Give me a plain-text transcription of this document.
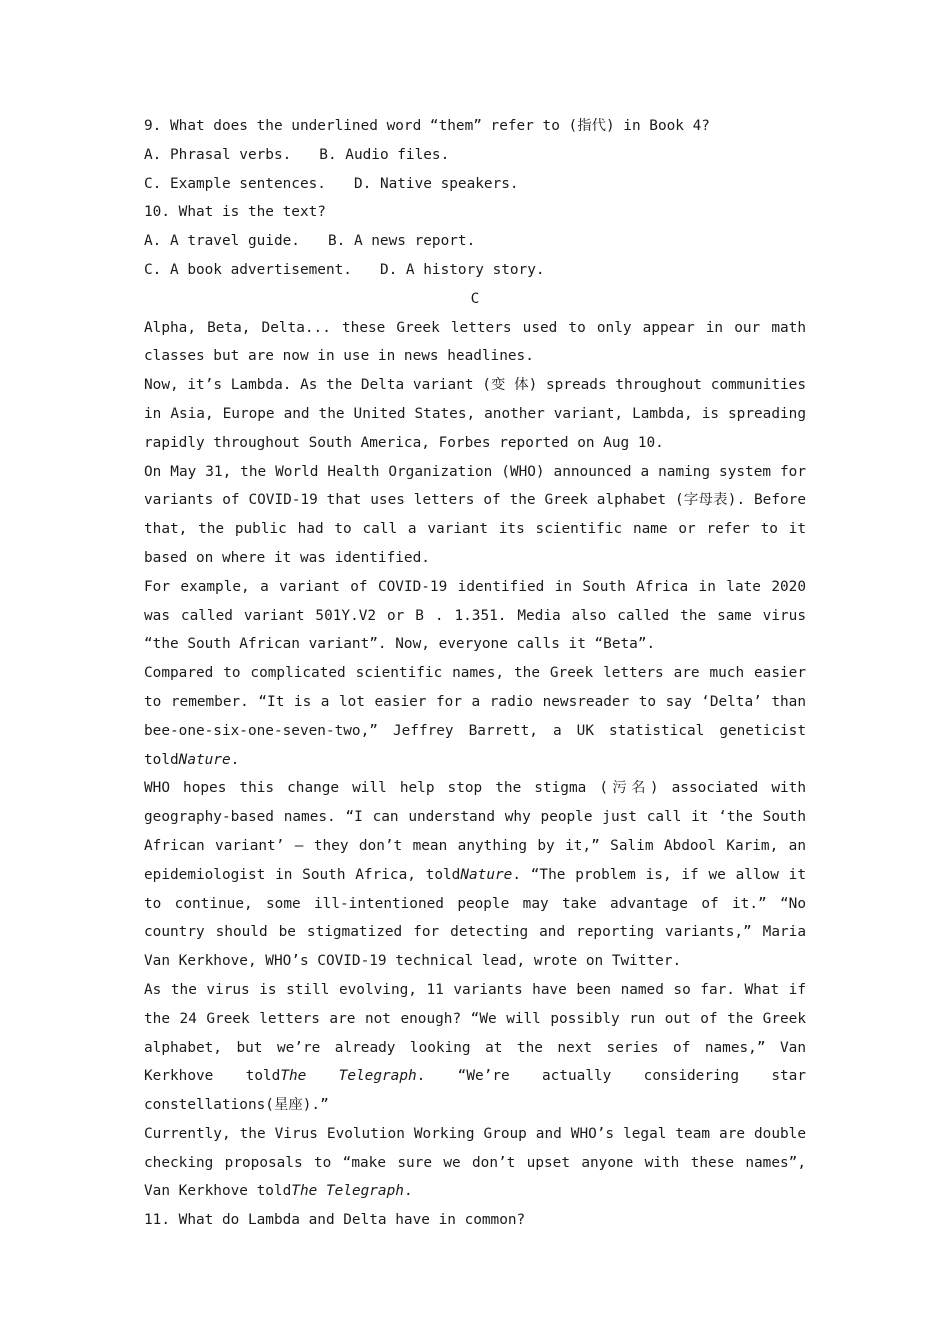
9. What does the underlined word “them” refer to (指代) in Book 4?
A. Phrasal verbs. B. Audio files.
C. Example sentences. D. Native speakers.
10. What is the text?
A. A travel guide. B. A news report.
C. A book advertisement. D. A history story.
C

Alpha, Beta, Delta... these Greek letters used to only appear in our math classes but are now in use in news headlines.

Now, it’s Lambda. As the Delta variant (变 体) spreads throughout communities in Asia, Europe and the United States, another variant, Lambda, is spreading rapidly throughout South America, Forbes reported on Aug 10.

On May 31, the World Health Organization (WHO) announced a naming system for variants of COVID-19 that uses letters of the Greek alphabet (字母表). Before that, the public had to call a variant its scientific name or refer to it based on where it was identified.

For example, a variant of COVID-19 identified in South Africa in late 2020 was called variant 501Y.V2 or B . 1.351. Media also called the same virus “the South African variant”. Now, everyone calls it “Beta”.

Compared to complicated scientific names, the Greek letters are much easier to remember. “It is a lot easier for a radio newsreader to say ‘Delta’ than bee-one-six-one-seven-two,” Jeffrey Barrett, a UK statistical geneticist toldNature.

WHO hopes this change will help stop the stigma (污名) associated with geography-based names. “I can understand why people just call it ‘the South African variant’ — they don’t mean anything by it,” Salim Abdool Karim, an epidemiologist in South Africa, toldNature. “The problem is, if we allow it to continue, some ill-intentioned people may take advantage of it.” “No country should be stigmatized for detecting and reporting variants,” Maria Van Kerkhove, WHO’s COVID-19 technical lead, wrote on Twitter.

As the virus is still evolving, 11 variants have been named so far. What if the 24 Greek letters are not enough? “We will possibly run out of the Greek alphabet, but we’re already looking at the next series of names,” Van Kerkhove toldThe Telegraph. “We’re actually considering star constellations(星座).”

Currently, the Virus Evolution Working Group and WHO’s legal team are double checking proposals to “make sure we don’t upset anyone with these names”, Van Kerkhove toldThe Telegraph.

11. What do Lambda and Delta have in common?
